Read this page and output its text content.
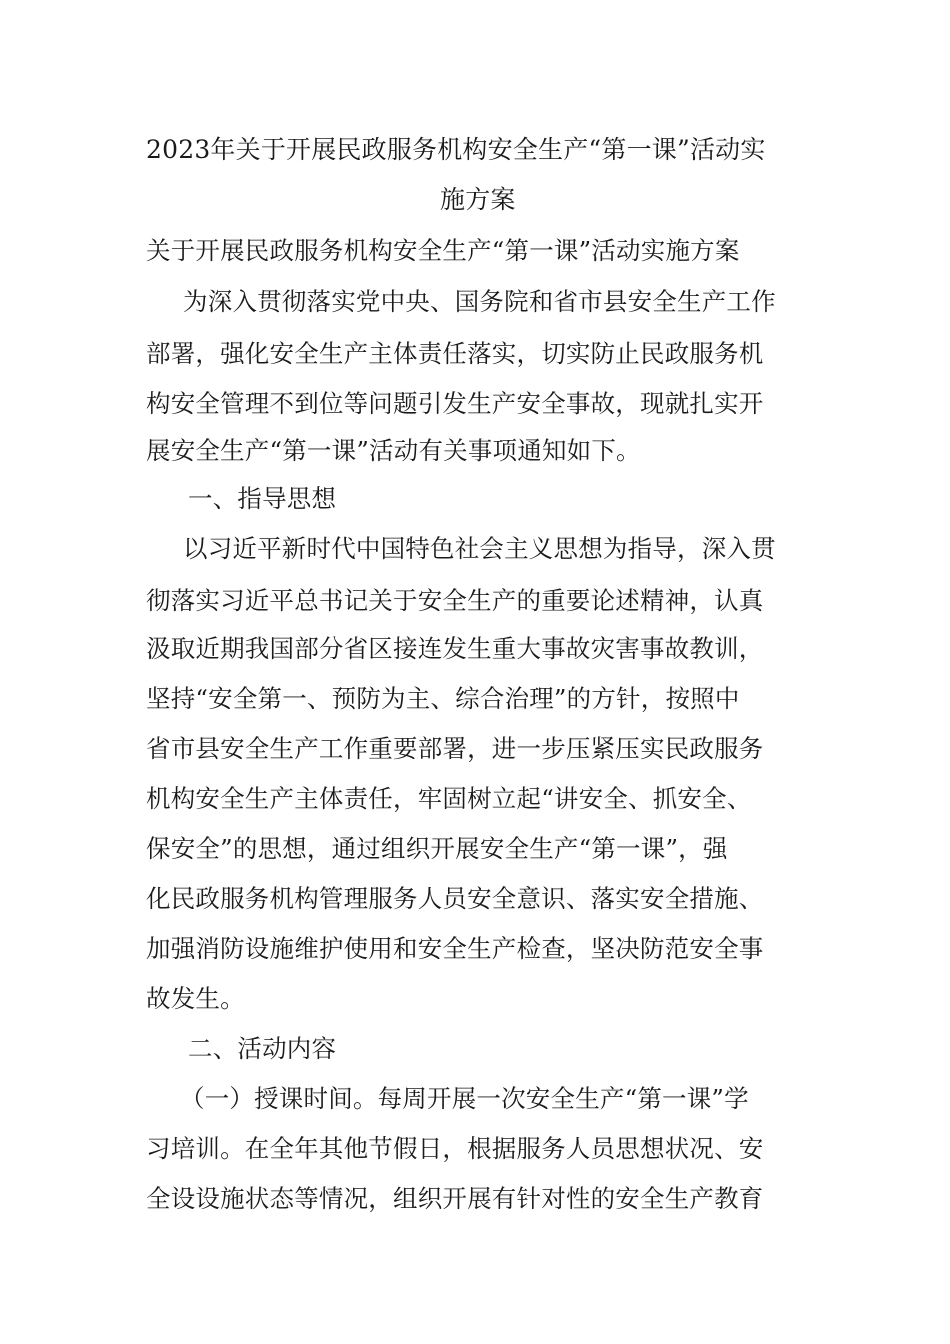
2023年关于开展民政服务机构安全生产“第一课”活动实
施方案
关于开展民政服务机构安全生产“第一课”活动实施方案
为深入贯彻落实党中央、国务院和省市县安全生产工作
部署，强化安全生产主体责任落实，切实防止民政服务机
构安全管理不到位等问题引发生产安全事故，现就扎实开
展安全生产“第一课”活动有关事项通知如下。
一、指导思想
以习近平新时代中国特色社会主义思想为指导，深入贯
彻落实习近平总书记关于安全生产的重要论述精神，认真
汲取近期我国部分省区接连发生重大事故灾害事故教训，
坚持“安全第一、预防为主、综合治理”的方针，按照中
省市县安全生产工作重要部署，进一步压紧压实民政服务
机构安全生产主体责任，牢固树立起“讲安全、抓安全、
保安全”的思想，通过组织开展安全生产“第一课”，强
化民政服务机构管理服务人员安全意识、落实安全措施、
加强消防设施维护使用和安全生产检查，坚决防范安全事
故发生。
二、活动内容
（一）授课时间。每周开展一次安全生产“第一课”学
习培训。在全年其他节假日，根据服务人员思想状况、安
全设设施状态等情况，组织开展有针对性的安全生产教育
